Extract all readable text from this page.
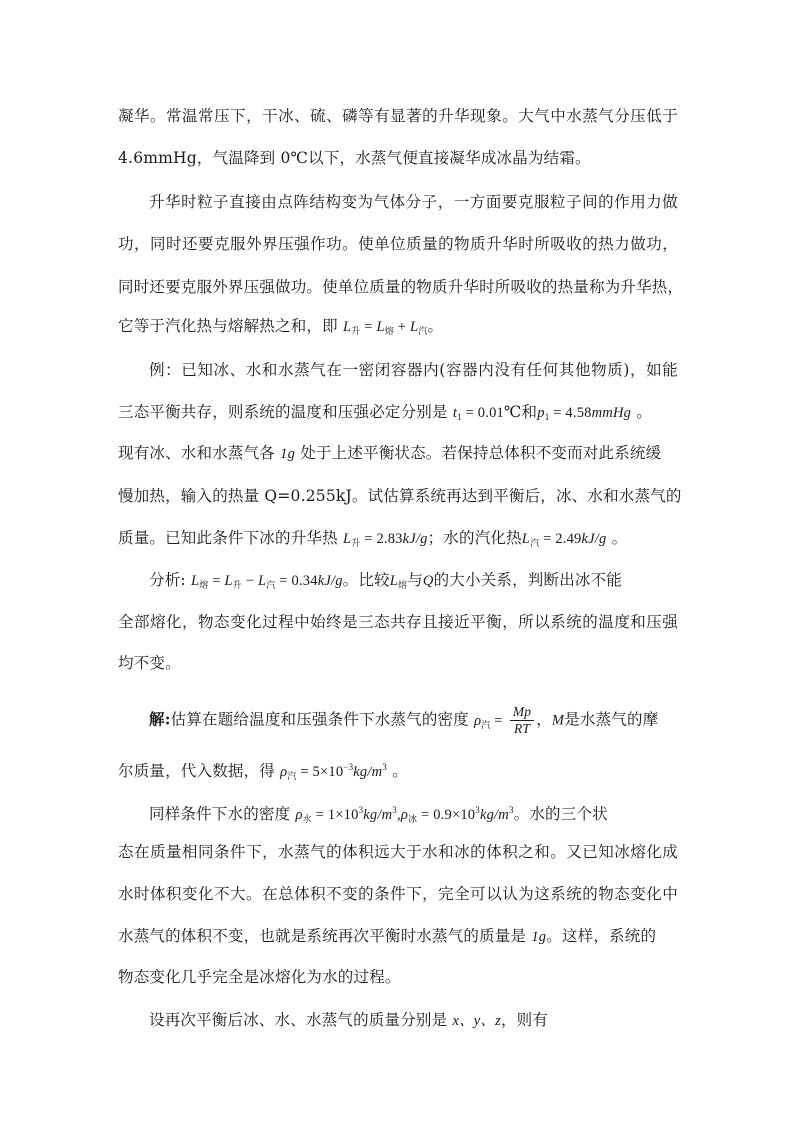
凝华。常温常压下，干冰、硫、磷等有显著的升华现象。大气中水蒸气分压低于
4.6mmHg，气温降到 0℃以下，水蒸气便直接凝华成冰晶为结霜。
升华时粒子直接由点阵结构变为气体分子，一方面要克服粒子间的作用力做
功，同时还要克服外界压强作功。使单位质量的物质升华时所吸收的热力做功，
同时还要克服外界压强做功。使单位质量的物质升华时所吸收的热量称为升华热，
它等于汽化热与熔解热之和，即 $L_升 = L_熔 + L_汽$。
例：已知冰、水和水蒸气在一密闭容器内(容器内没有任何其他物质)，如能
三态平衡共存，则系统的温度和压强必定分别是 $t_1$ = 0.01℃和$p_1$ = 4.58mmHg 。
现有冰、水和水蒸气各 1g 处于上述平衡状态。若保持总体积不变而对此系统缓
慢加热，输入的热量 Q=0.255kJ。试估算系统再达到平衡后，冰、水和水蒸气的
质量。已知此条件下冰的升华热 $L_升 = 2.83kJ/g$；水的汽化热$L_汽 = 2.49kJ/g$ 。
分析: $L_熔 = L_升 - L_汽 = 0.34kJ/g$。比较$L_熔$与Q的大小关系，判断出冰不能
全部熔化，物态变化过程中始终是三态共存且接近平衡，所以系统的温度和压强
均不变。
解:估算在题给温度和压强条件下水蒸气的密度 $\rho_汽 = \frac{Mp}{RT}$ ，M是水蒸气的摩
尔质量，代入数据，得 $\rho_汽 = 5\times 10^{-3}kg/m^3$ 。
同样条件下水的密度 $\rho_水 = 1\times 10^3kg/m^3,\rho_冰 = 0.9\times 10^3kg/m^3$。水的三个状
态在质量相同条件下，水蒸气的体积远大于水和冰的体积之和。又已知冰熔化成
水时体积变化不大。在总体积不变的条件下，完全可以认为这系统的物态变化中
水蒸气的体积不变，也就是系统再次平衡时水蒸气的质量是 1g。这样，系统的
物态变化几乎完全是冰熔化为水的过程。
设再次平衡后冰、水、水蒸气的质量分别是 x、y、z，则有
